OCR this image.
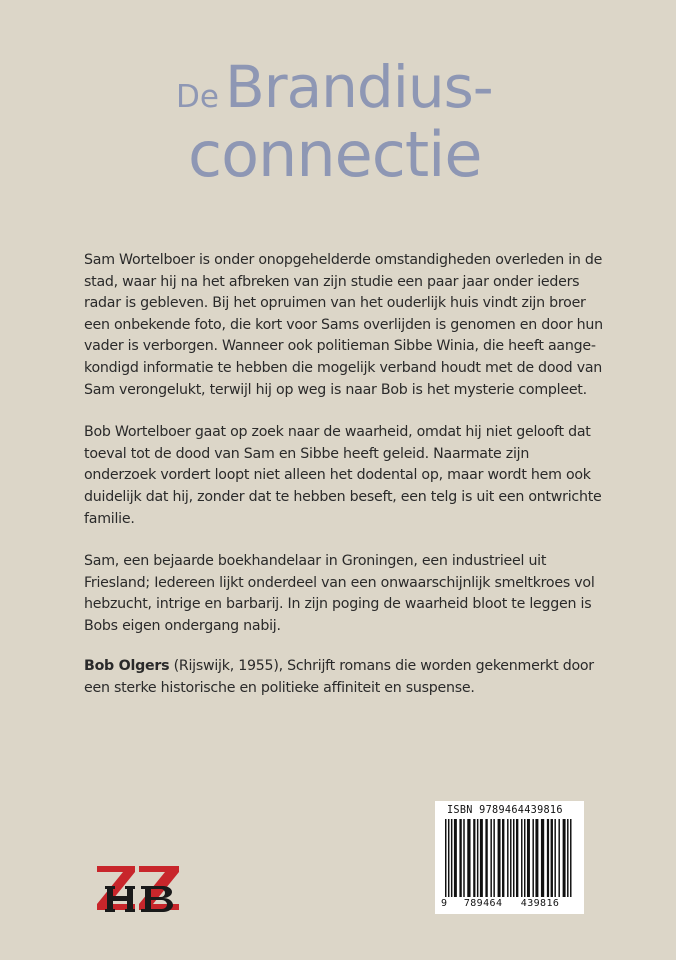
De Brandius-
connectie

Sam Wortelboer is onder onopgehelderde omstandigheden overleden in de stad, waar hij na het afbreken van zijn studie een paar jaar onder ieders radar is gebleven. Bij het opruimen van het ouderlijk huis vindt zijn broer een onbekende foto, die kort voor Sams overlijden is genomen en door hun vader is verborgen. Wanneer ook politieman Sibbe Winia, die heeft aangekondigd informatie te hebben die mogelijk verband houdt met de dood van Sam verongelukt, terwijl hij op weg is naar Bob is het mysterie compleet.

Bob Wortelboer gaat op zoek naar de waarheid, omdat hij niet gelooft dat toeval tot de dood van Sam en Sibbe heeft geleid. Naarmate zijn onderzoek vordert loopt niet alleen het dodental op, maar wordt hem ook duidelijk dat hij, zonder dat te hebben beseft, een telg is uit een ontwrichte familie.

Sam, een bejaarde boekhandelaar in Groningen, een industrieel uit Friesland; Iedereen lijkt onderdeel van een onwaarschijnlijk smeltkroes vol hebzucht, intrige en barbarij. In zijn poging de waarheid bloot te leggen is Bobs eigen ondergang nabij.

Bob Olgers (Rijswijk, 1955), Schrijft romans die worden gekenmerkt door een sterke historische en politieke affiniteit en suspense.
ISBN 9789464439816
9 789464 439816
